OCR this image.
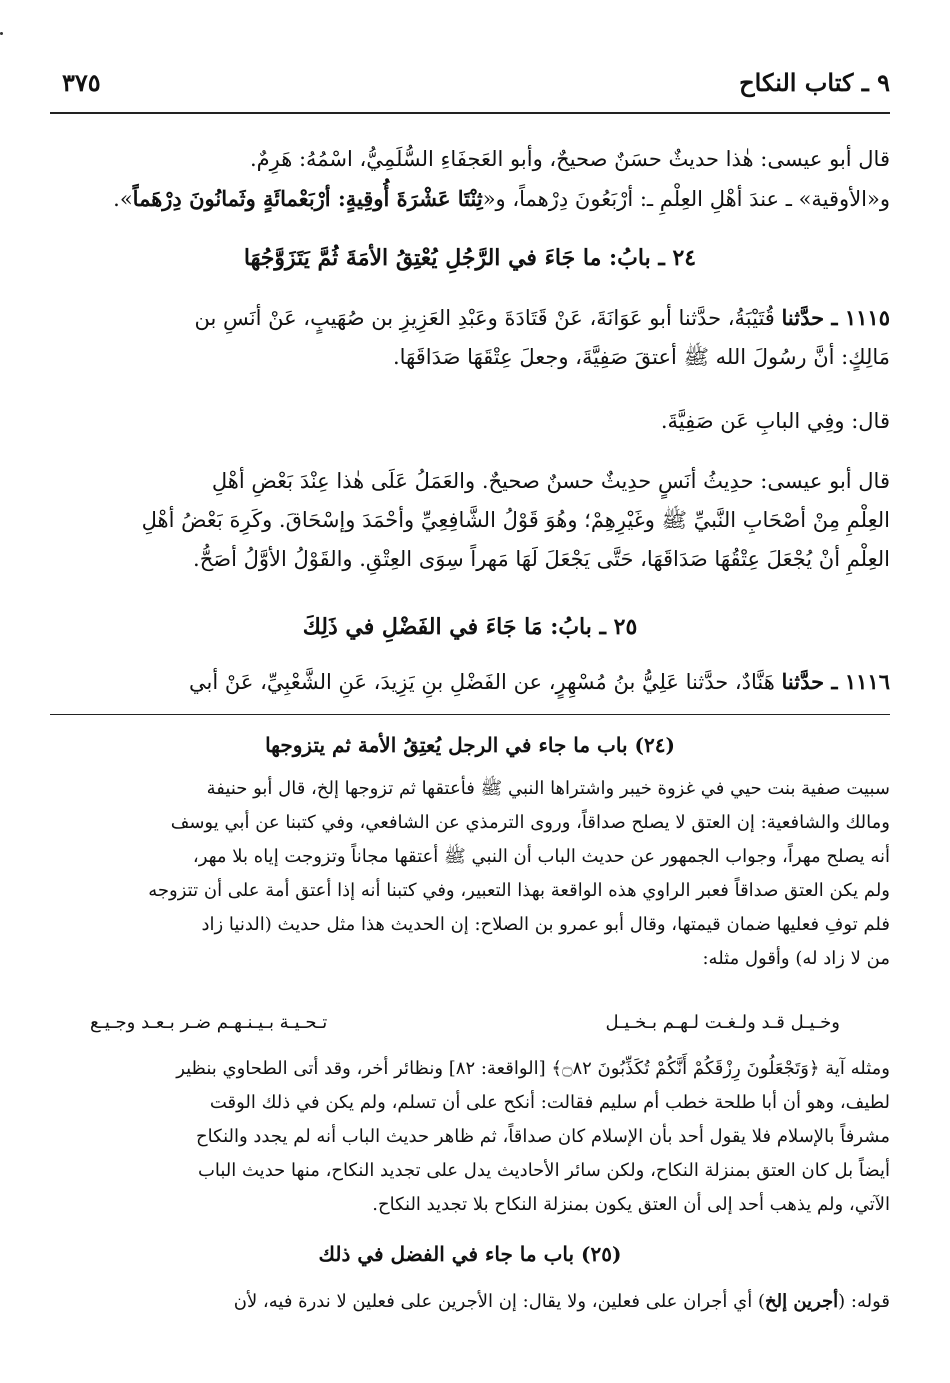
٩ ـ كتاب النكاح
٣٧٥
قال أبو عيسى: هٰذا حديثٌ حسَنٌ صحيحٌ، وأبو العَجفَاءِ السُّلَمِيُّ، اسْمُهُ: هَرِمٌ.
و«الأوقية» ـ عندَ أهْلِ العِلْمِ ـ: أرْبَعُونَ دِرْهماً، و«ثِنْتَا عَشْرَةَ أُوقِيةٍ: أرْبَعْمائَةٍ وثَمانُونَ دِرْهَماً».
٢٤ ـ بابُ: ما جَاءَ في الرَّجُلِ يُعْتِقُ الأمَةَ ثُمَّ يَتَزَوَّجُهَا
١١١٥ ـ حدَّثنا قُتَيْبَةُ، حدَّثنا أبو عَوَانَةَ، عَنْ قَتَادَةَ وعَبْدِ العَزِيزِ بن صُهَيبٍ، عَنْ أنَسِ بن
مَالِكٍ: أنَّ رسُولَ الله ﷺ أعتقَ صَفِيَّةَ، وجعلَ عِتْقَهَا صَدَاقَهَا.
قال: وفِي البابِ عَن صَفِيَّةَ.
قال أبو عيسى: حدِيثُ أنَسٍ حدِيثٌ حسنٌ صحيحٌ. والعَمَلُ عَلَى هٰذا عِنْدَ بَعْضِ أهْلِ
العِلْمِ مِنْ أصْحَابِ النَّبيِّ ﷺ وغَيْرِهِمْ؛ وهُوَ قَوْلُ الشَّافِعِيِّ وأحْمَدَ وإسْحَاقَ. وكَرِهَ بَعْضُ أهْلِ
العِلْمِ أنْ يُجْعَلَ عِتْقُهَا صَدَاقَهَا، حَتَّى يَجْعَلَ لَهَا مَهراً سِوَى العِتْقِ. والقَوْلُ الأوَّلُ أصَحُّ.
٢٥ ـ بابُ: مَا جَاءَ في الفَضْلِ في ذَلِكَ
١١١٦ ـ حدَّثنا هَنَّادٌ، حدَّثنا عَلِيُّ بنُ مُسْهِرٍ، عن الفَضْلِ بنِ يَزِيدَ، عَنِ الشَّعْبِيِّ، عَنْ أبي
(٢٤) باب ما جاء في الرجل يُعتِقُ الأمة ثم يتزوجها
سبيت صفية بنت حيي في غزوة خيبر واشتراها النبي ﷺ فأعتقها ثم تزوجها إلخ، قال أبو حنيفة
ومالك والشافعية: إن العتق لا يصلح صداقاً، وروى الترمذي عن الشافعي، وفي كتبنا عن أبي يوسف
أنه يصلح مهراً، وجواب الجمهور عن حديث الباب أن النبي ﷺ أعتقها مجاناً وتزوجت إياه بلا مهر،
ولم يكن العتق صداقاً فعبر الراوي هذه الواقعة بهذا التعبير، وفي كتبنا أنه إذا أعتق أمة على أن تتزوجه
فلم توفِ فعليها ضمان قيمتها، وقال أبو عمرو بن الصلاح: إن الحديث هذا مثل حديث (الدنيا زاد
من لا زاد له) وأقول مثله:
وخـيـل قـد ولـغـت لـهـم بـخـيـل
تـحـيـة بـيـنـهـم ضـر بـعـد وجـيـع
ومثله آية ﴿وَتَجْعَلُونَ رِزْقَكُمْ أَنَّكُمْ تُكَذِّبُونَ ۝٨٢﴾ [الواقعة: ٨٢] ونظائر أخر، وقد أتى الطحاوي بنظير
لطيف، وهو أن أبا طلحة خطب أم سليم فقالت: أنكح على أن تسلم، ولم يكن في ذلك الوقت
مشرفاً بالإسلام فلا يقول أحد بأن الإسلام كان صداقاً، ثم ظاهر حديث الباب أنه لم يجدد والنكاح
أيضاً بل كان العتق بمنزلة النكاح، ولكن سائر الأحاديث يدل على تجديد النكاح، منها حديث الباب
الآتي، ولم يذهب أحد إلى أن العتق يكون بمنزلة النكاح بلا تجديد النكاح.
(٢٥) باب ما جاء في الفضل في ذلك
قوله: (أجرين إلخ) أي أجران على فعلين، ولا يقال: إن الأجرين على فعلين لا ندرة فيه، لأن
